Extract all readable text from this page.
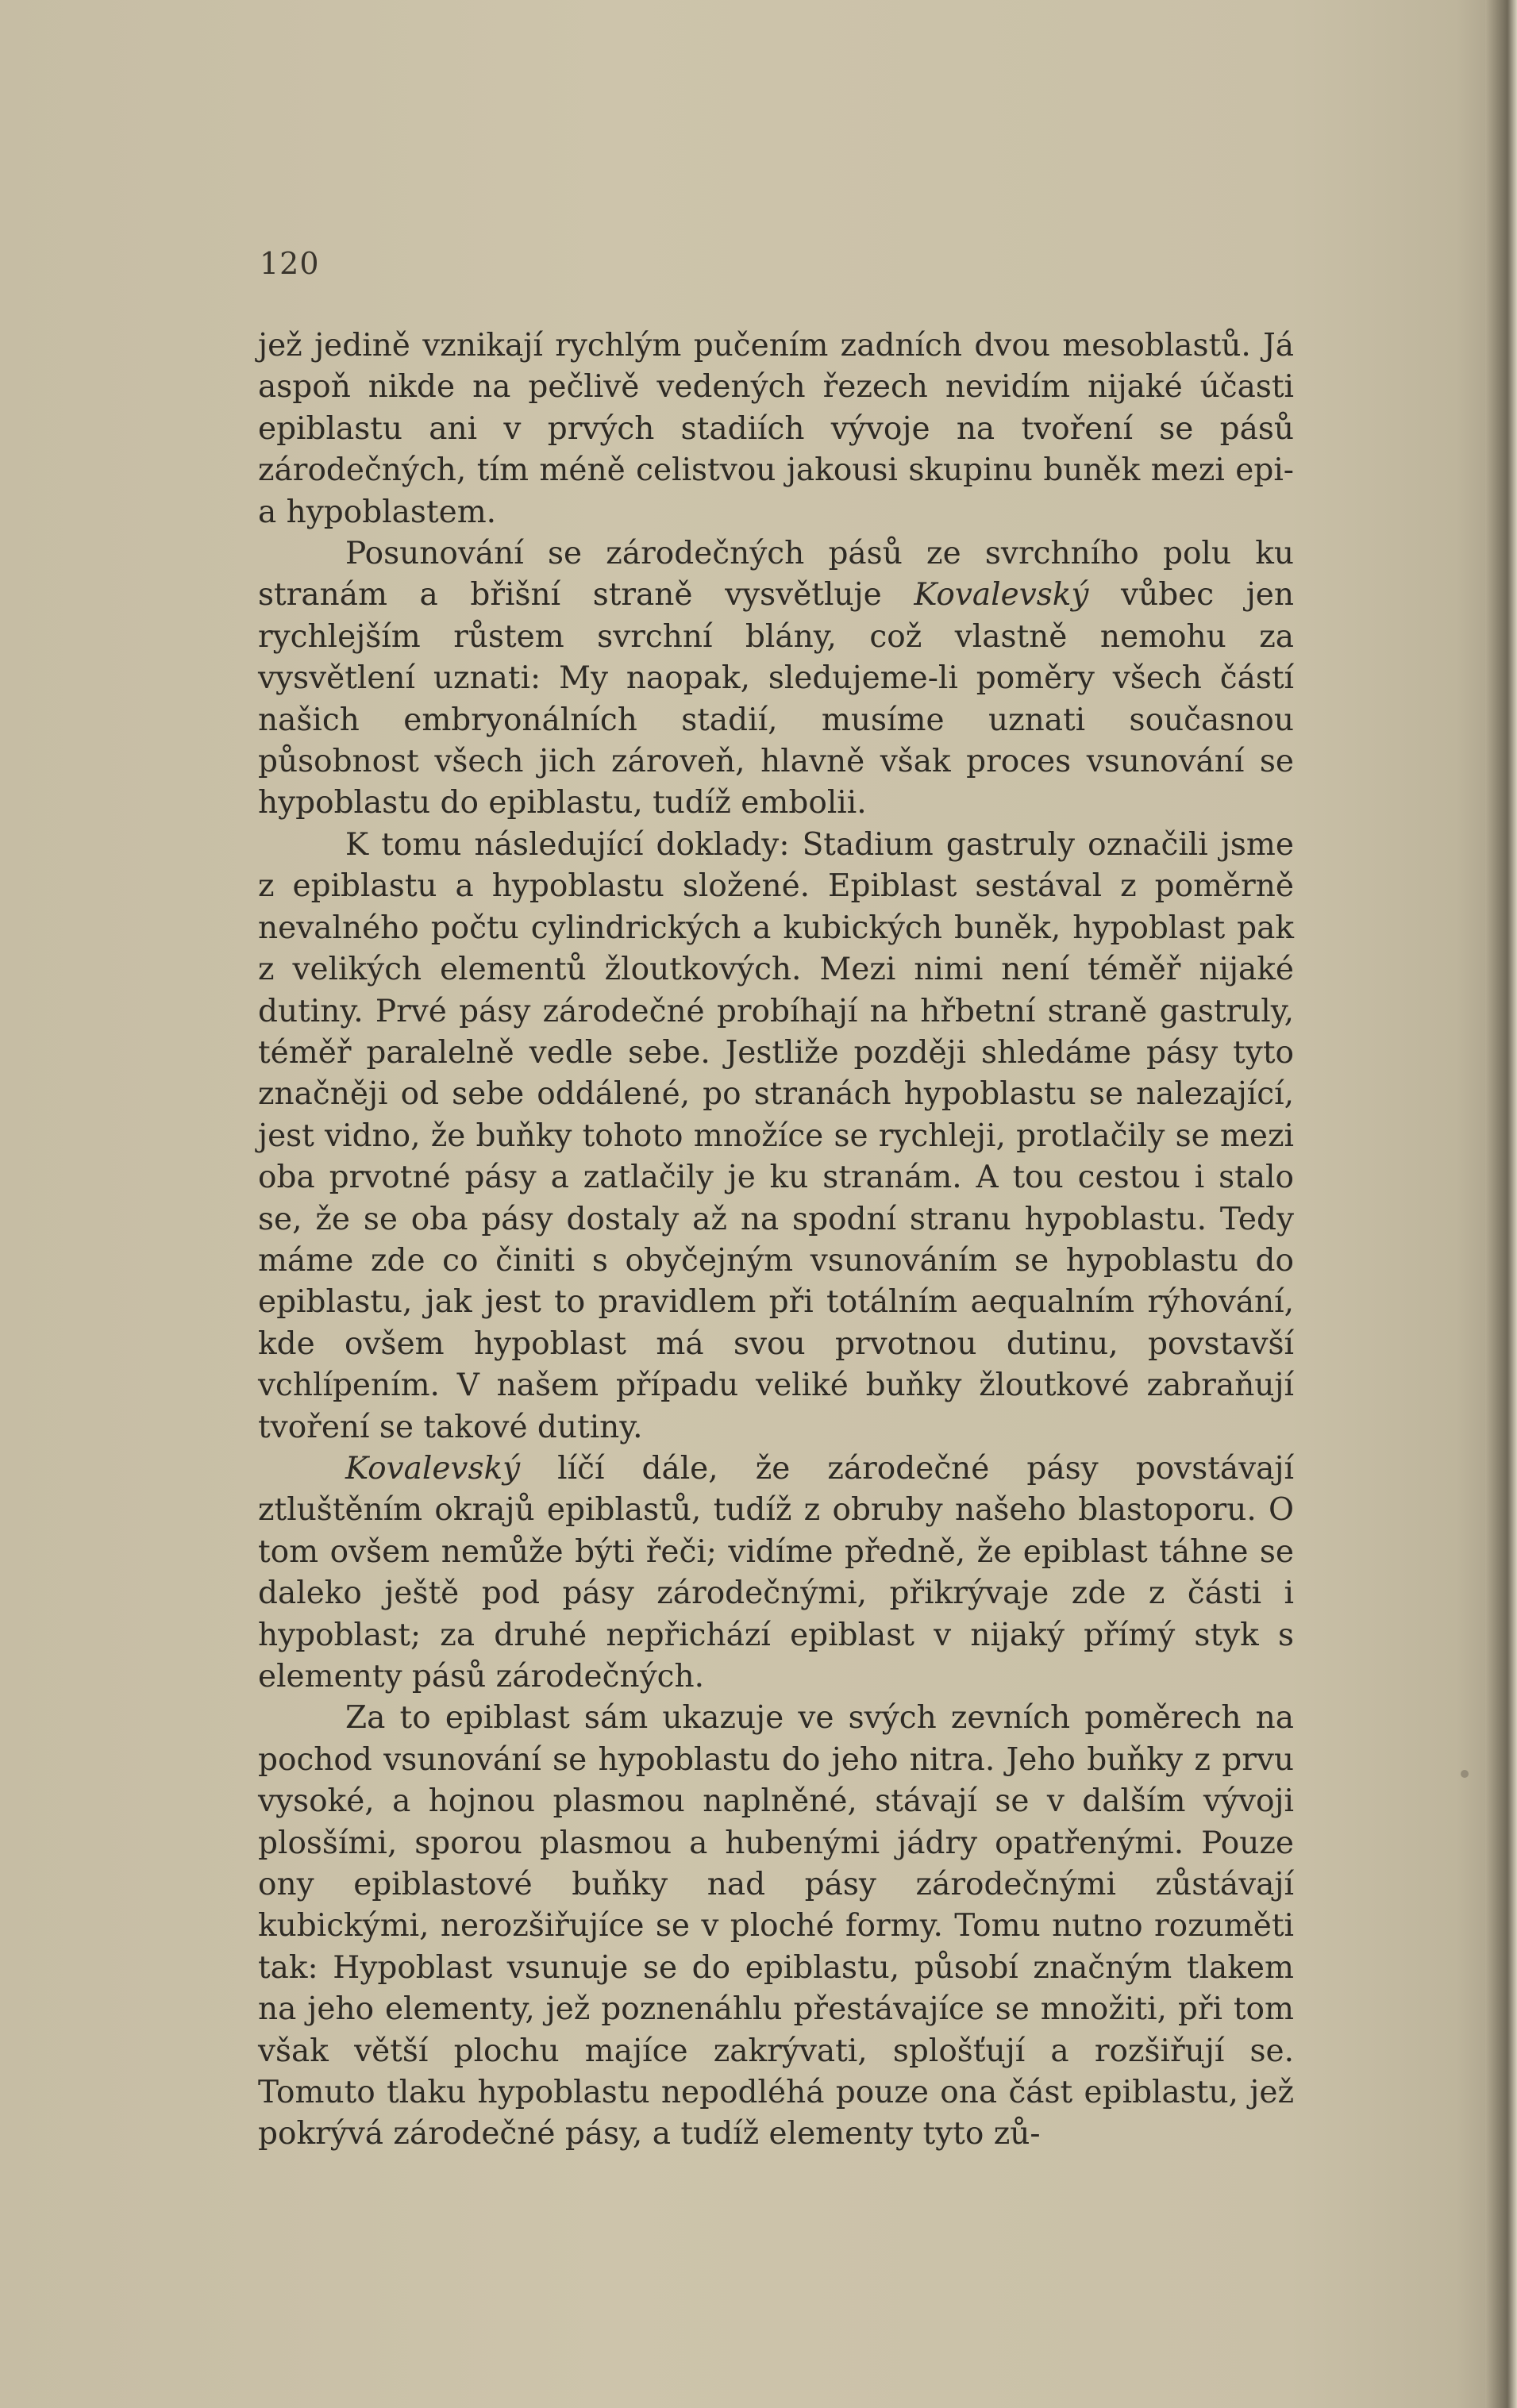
120

jež jedině vznikají rychlým pučením zadních dvou mesoblastů. Já aspoň nikde na pečlivě vedených řezech nevidím nijaké účasti epiblastu ani v prvých stadiích vývoje na tvoření se pásů zárodečných, tím méně celistvou jakousi skupinu buněk mezi epi- a hypoblastem.

Posunování se zárodečných pásů ze svrchního polu ku stranám a břišní straně vysvětluje Kovalevský vůbec jen rychlejším růstem svrchní blány, což vlastně nemohu za vysvětlení uznati: My naopak, sledujeme-li poměry všech částí našich embryonálních stadií, musíme uznati současnou působnost všech jich zároveň, hlavně však proces vsunování se hypoblastu do epiblastu, tudíž embolii.

K tomu následující doklady: Stadium gastruly označili jsme z epiblastu a hypoblastu složené. Epiblast sestával z poměrně nevalného počtu cylindrických a kubických buněk, hypoblast pak z velikých elementů žloutkových. Mezi nimi není téměř nijaké dutiny. Prvé pásy zárodečné probíhají na hřbetní straně gastruly, téměř paralelně vedle sebe. Jestliže později shledáme pásy tyto značněji od sebe oddálené, po stranách hypoblastu se nalezající, jest vidno, že buňky tohoto množíce se rychleji, protlačily se mezi oba prvotné pásy a zatlačily je ku stranám. A tou cestou i stalo se, že se oba pásy dostaly až na spodní stranu hypoblastu. Tedy máme zde co činiti s obyčejným vsunováním se hypoblastu do epiblastu, jak jest to pravidlem při totálním aequalním rýhování, kde ovšem hypoblast má svou prvotnou dutinu, povstavší vchlípením. V našem případu veliké buňky žloutkové zabraňují tvoření se takové dutiny.

Kovalevský líčí dále, že zárodečné pásy povstávají ztluštěním okrajů epiblastů, tudíž z obruby našeho blastoporu. O tom ovšem nemůže býti řeči; vidíme předně, že epiblast táhne se daleko ještě pod pásy zárodečnými, přikrývaje zde z části i hypoblast; za druhé nepřichází epiblast v nijaký přímý styk s elementy pásů zárodečných.

Za to epiblast sám ukazuje ve svých zevních poměrech na pochod vsunování se hypoblastu do jeho nitra. Jeho buňky z prvu vysoké, a hojnou plasmou naplněné, stávají se v dalším vývoji plosšími, sporou plasmou a hubenými jádry opatřenými. Pouze ony epiblastové buňky nad pásy zárodečnými zůstávají kubickými, nerozšiřujíce se v ploché formy. Tomu nutno rozuměti tak: Hypoblast vsunuje se do epiblastu, působí značným tlakem na jeho elementy, jež poznenáhlu přestávajíce se množiti, při tom však větší plochu majíce zakrývati, splošťují a rozšiřují se. Tomuto tlaku hypoblastu nepodléhá pouze ona část epiblastu, jež pokrývá zárodečné pásy, a tudíž elementy tyto zů-
